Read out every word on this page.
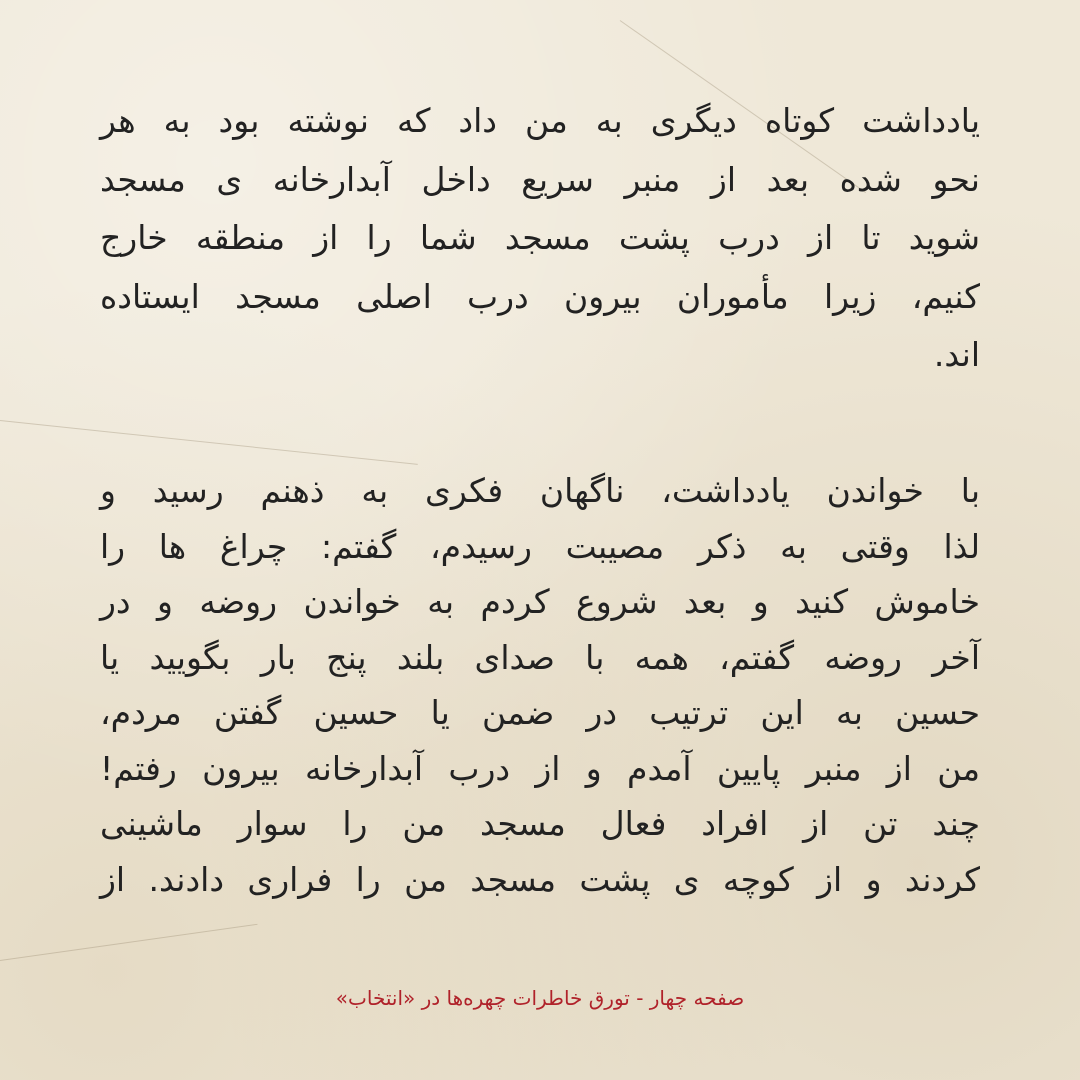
یادداشت کوتاه دیگری به من داد که نوشته بود به هر
نحو شده بعد از منبر سریع داخل آبدارخانه ی مسجد
شوید تا از درب پشت مسجد شما را از منطقه خارج
کنیم، زیرا مأموران بیرون درب اصلی مسجد ایستاده
اند.
با خواندن یادداشت، ناگهان فکری به ذهنم رسید و
لذا وقتی به ذکر مصیبت رسیدم، گفتم: چراغ ها را
خاموش کنید و بعد شروع کردم به خواندن روضه و در
آخر روضه گفتم، همه با صدای بلند پنج بار بگویید یا
حسین به این ترتیب در ضمن یا حسین گفتن مردم،
من از منبر پایین آمدم و از درب آبدارخانه بیرون رفتم!
چند تن از افراد فعال مسجد من را سوار ماشینی
کردند و از کوچه ی پشت مسجد من را فراری دادند. از
صفحه چهار - تورق خاطرات چهره‌ها در «انتخاب»
